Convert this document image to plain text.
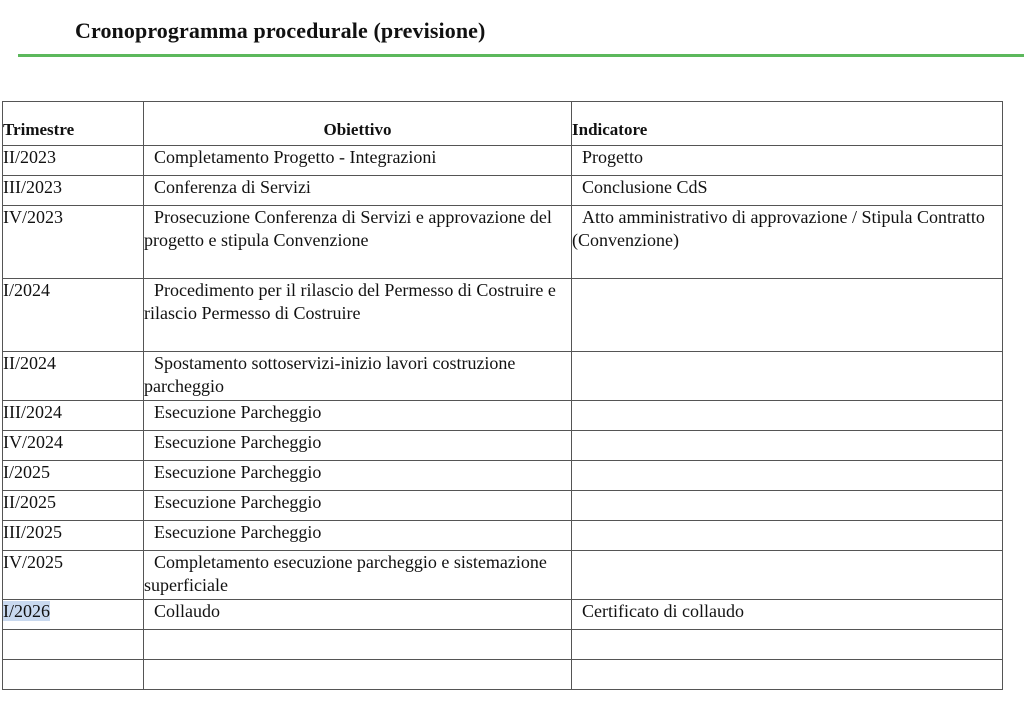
Cronoprogramma procedurale (previsione)
Trimestre	Obiettivo	Indicatore
II/2023	Completamento Progetto - Integrazioni	Progetto
III/2023	Conferenza di Servizi	Conclusione CdS
IV/2023	Prosecuzione Conferenza di Servizi e approvazione del progetto e stipula Convenzione	Atto amministrativo di approvazione / Stipula Contratto (Convenzione)
I/2024	Procedimento per il rilascio del Permesso di Costruire e rilascio Permesso di Costruire	
II/2024	Spostamento sottoservizi-inizio lavori costruzione parcheggio	
III/2024	Esecuzione Parcheggio	
IV/2024	Esecuzione Parcheggio	
I/2025	Esecuzione Parcheggio	
II/2025	Esecuzione Parcheggio	
III/2025	Esecuzione Parcheggio	
IV/2025	Completamento esecuzione parcheggio e sistemazione superficiale	
I/2026	Collaudo	Certificato di collaudo
